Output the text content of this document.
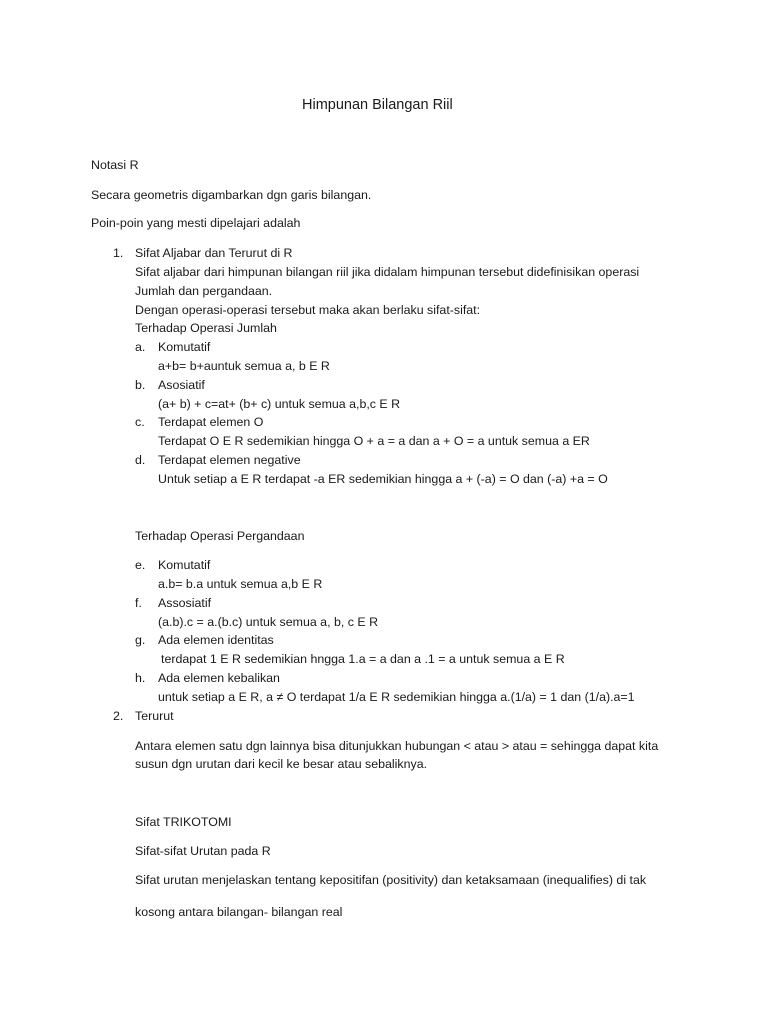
Himpunan Bilangan Riil
Notasi R
Secara geometris digambarkan dgn garis bilangan.
Poin-poin yang mesti dipelajari adalah
1. Sifat Aljabar dan Terurut di R
Sifat aljabar dari himpunan bilangan riil jika didalam himpunan tersebut didefinisikan operasi
Jumlah dan pergandaan.
Dengan operasi-operasi tersebut maka akan berlaku sifat-sifat:
Terhadap Operasi Jumlah
a. Komutatif
a+b= b+auntuk semua a, b E R
b. Asosiatif
(a+ b) + c=at+ (b+ c) untuk semua a,b,c E R
c. Terdapat elemen O
Terdapat O E R sedemikian hingga O + a = a dan a + O = a untuk semua a ER
d. Terdapat elemen negative
Untuk setiap a E R terdapat -a ER sedemikian hingga a + (-a) = O dan (-a) +a = O
Terhadap Operasi Pergandaan
e. Komutatif
a.b= b.a untuk semua a,b E R
f. Assosiatif
(a.b).c = a.(b.c) untuk semua a, b, c E R
g. Ada elemen identitas
terdapat 1 E R sedemikian hngga 1.a = a dan a .1 = a untuk semua a E R
h. Ada elemen kebalikan
untuk setiap a E R, a ≠ O terdapat 1/a E R sedemikian hingga a.(1/a) = 1 dan (1/a).a=1
2. Terurut
Antara elemen satu dgn lainnya bisa ditunjukkan hubungan < atau > atau = sehingga dapat kita
susun dgn urutan dari kecil ke besar atau sebaliknya.
Sifat TRIKOTOMI
Sifat-sifat Urutan pada R
Sifat urutan menjelaskan tentang kepositifan (positivity) dan ketaksamaan (inequalifies) di tak
kosong antara bilangan- bilangan real
